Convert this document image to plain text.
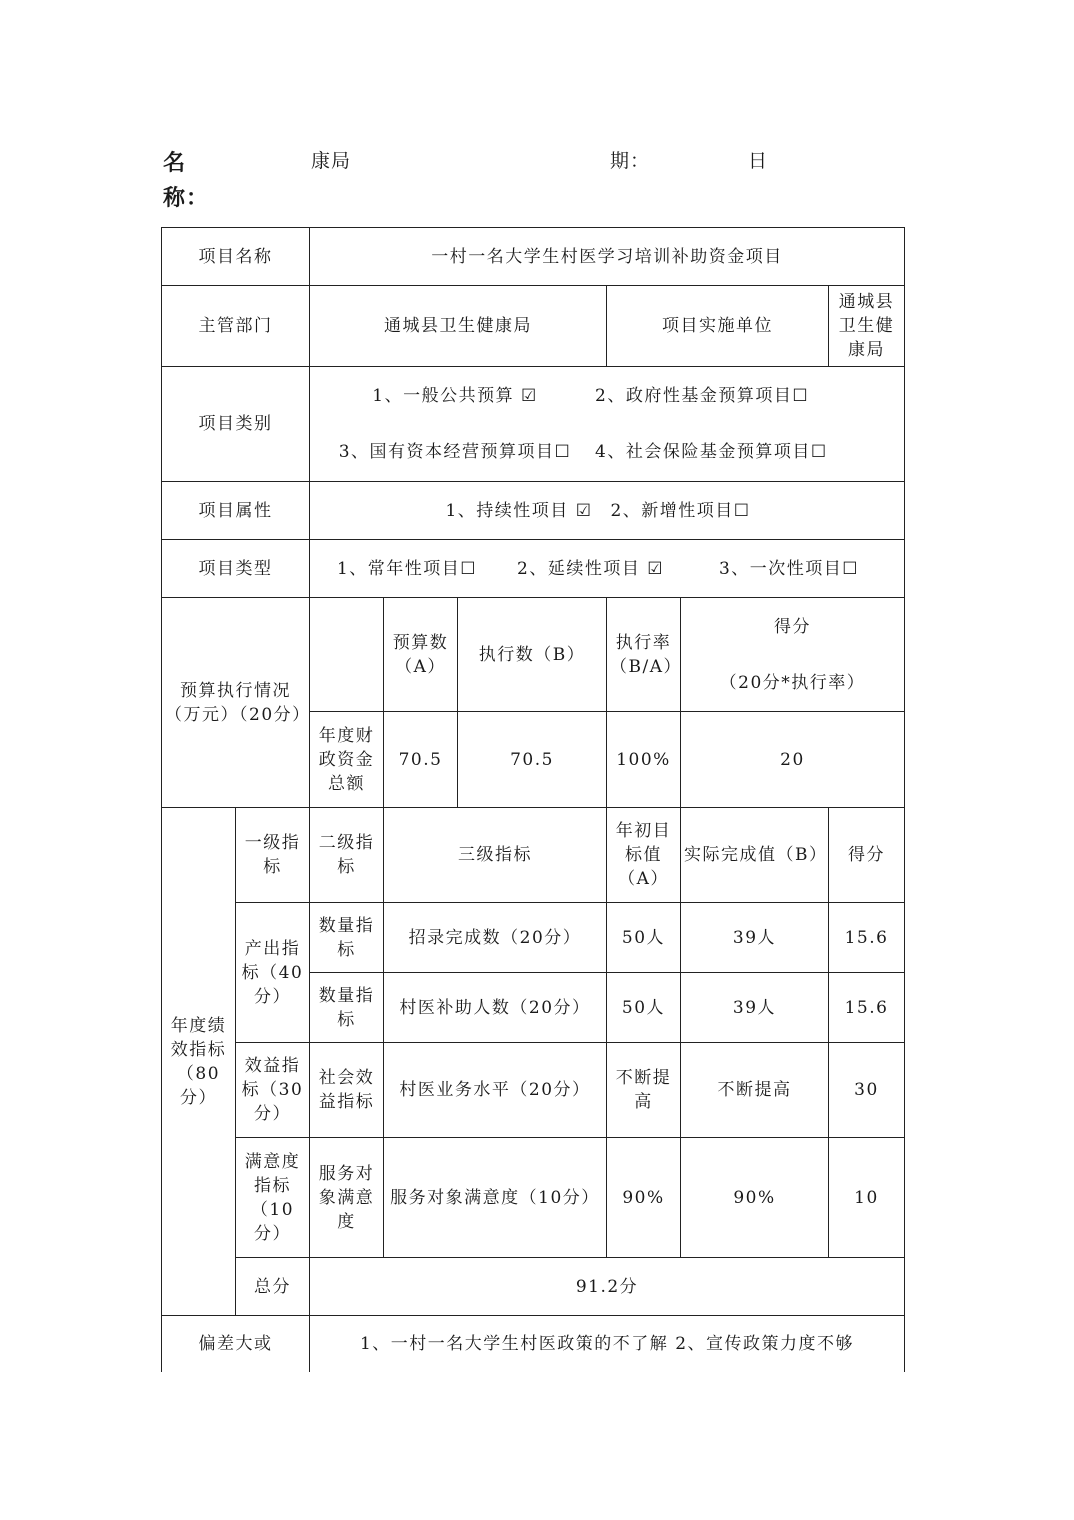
名
称：
康局	期：	日
项目名称		一村一名大学生村医学习培训补助资金项目					
主管部门		通城县卫生健康局			项目实施单位		通城县卫生健康局
项目类别		1、一般公共预算 ☑ 2、政府性基金预算项目☐
3、国有资本经营预算项目☐ 4、社会保险基金预算项目☐					

项目属性		1、持续性项目 ☑ 2、新增性项目☐					
项目类型		1、常年性项目☐ 2、延续性项目 ☑ 3、一次性项目☐					
预算执行情况（万元）（20分）			预算数（A）	执行数（B）	执行率（B/A）	得分
（20分*执行率）	

		年度财政资金总额	70.5	70.5	100%	20	
年度绩效指标（80分）	一级指标	二级指标	三级指标		年初目标值（A）	实际完成值（B）	得分
	产出指标（40分）	数量指标	招录完成数（20分）		50人	39人	15.6
		数量指标	村医补助人数（20分）		50人	39人	15.6
	效益指标（30分）	社会效益指标	村医业务水平（20分）		不断提高	不断提高	30
	满意度指标（10分）	服务对象满意度	服务对象满意度（10分）		90%	90%	10
	总分	91.2分					
偏差大或		1、一村一名大学生村医政策的不了解 2、宣传政策力度不够					
